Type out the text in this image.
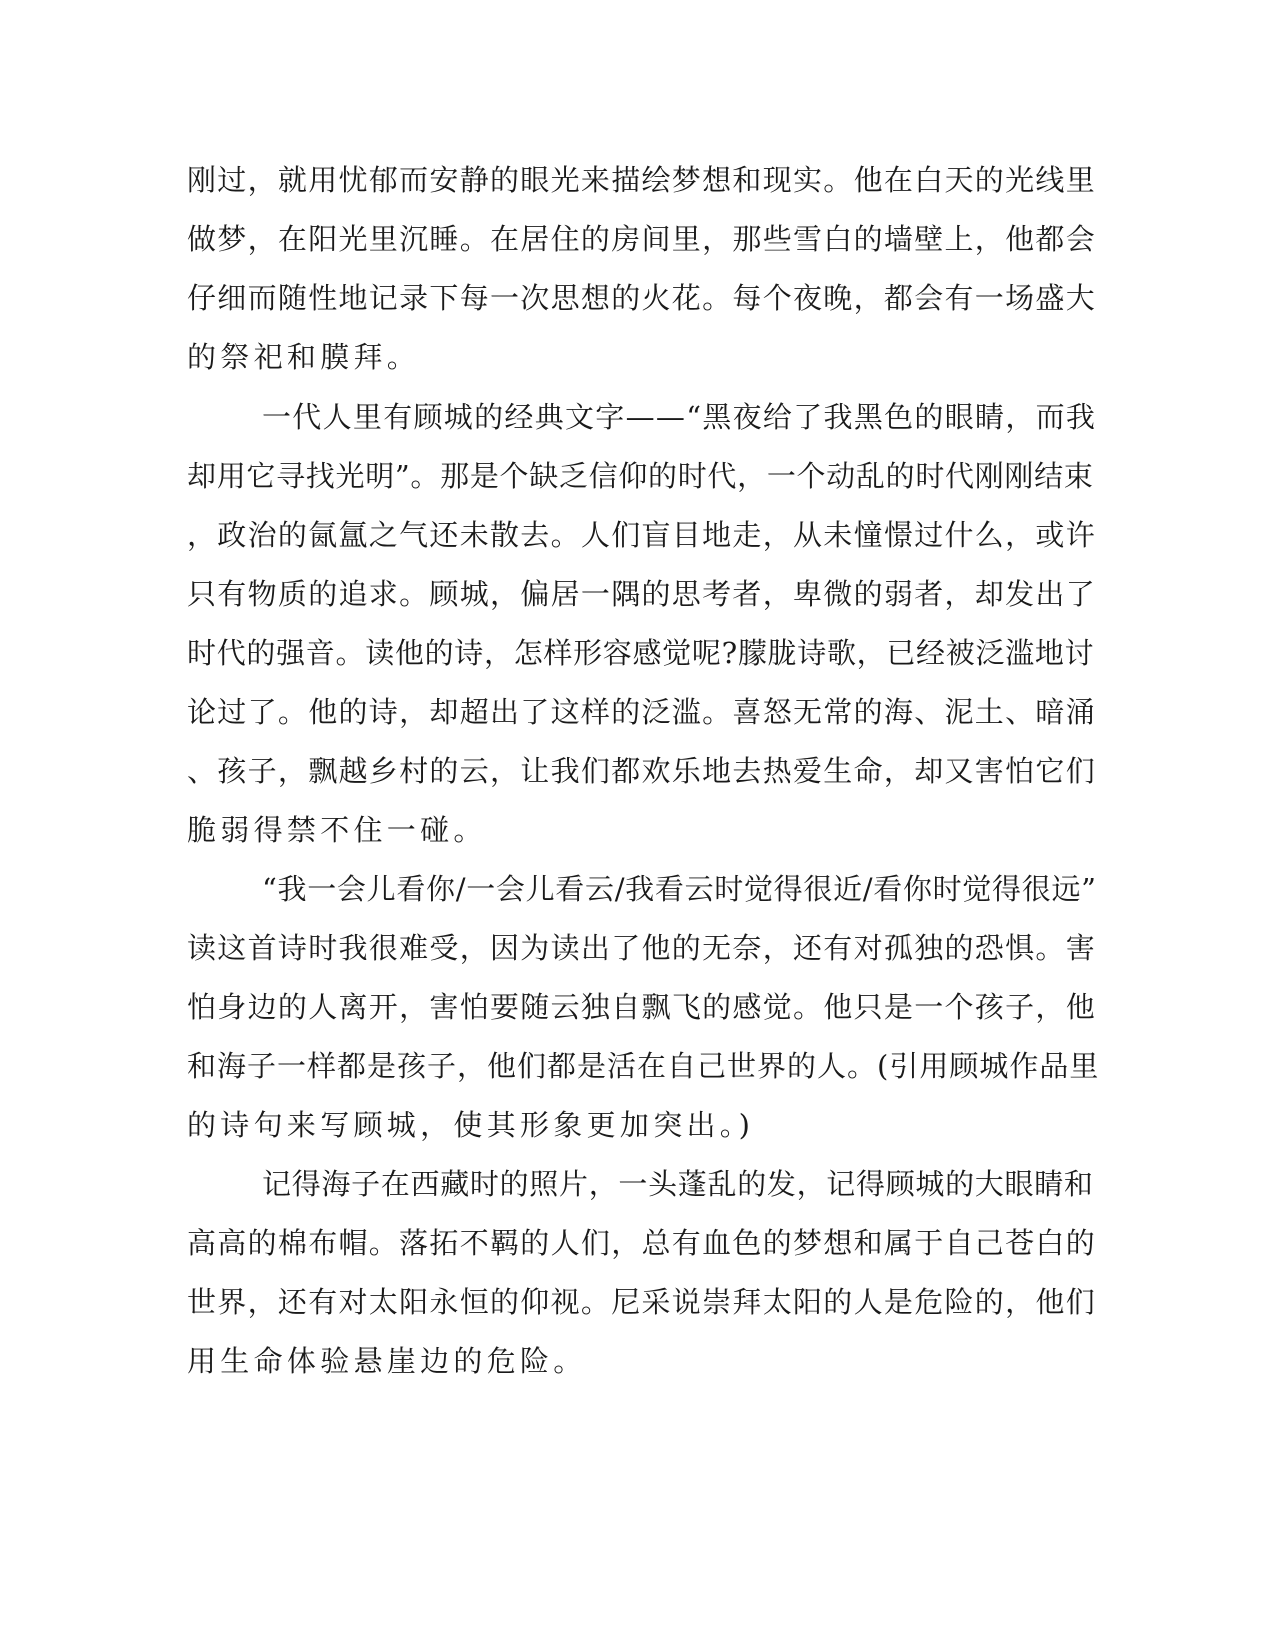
刚过，就用忧郁而安静的眼光来描绘梦想和现实。他在白天的光线里
做梦，在阳光里沉睡。在居住的房间里，那些雪白的墙壁上，他都会
仔细而随性地记录下每一次思想的火花。每个夜晚，都会有一场盛大
的祭祀和膜拜。
一代人里有顾城的经典文字——“黑夜给了我黑色的眼睛，而我
却用它寻找光明”。那是个缺乏信仰的时代，一个动乱的时代刚刚结束
，政治的氤氲之气还未散去。人们盲目地走，从未憧憬过什么，或许
只有物质的追求。顾城，偏居一隅的思考者，卑微的弱者，却发出了
时代的强音。读他的诗，怎样形容感觉呢?朦胧诗歌，已经被泛滥地讨
论过了。他的诗，却超出了这样的泛滥。喜怒无常的海、泥土、暗涌
、孩子，飘越乡村的云，让我们都欢乐地去热爱生命，却又害怕它们
脆弱得禁不住一碰。
“我一会儿看你/一会儿看云/我看云时觉得很近/看你时觉得很远”
读这首诗时我很难受，因为读出了他的无奈，还有对孤独的恐惧。害
怕身边的人离开，害怕要随云独自飘飞的感觉。他只是一个孩子，他
和海子一样都是孩子，他们都是活在自己世界的人。(引用顾城作品里
的诗句来写顾城，使其形象更加突出。)
记得海子在西藏时的照片，一头蓬乱的发，记得顾城的大眼睛和
高高的棉布帽。落拓不羁的人们，总有血色的梦想和属于自己苍白的
世界，还有对太阳永恒的仰视。尼采说崇拜太阳的人是危险的，他们
用生命体验悬崖边的危险。
